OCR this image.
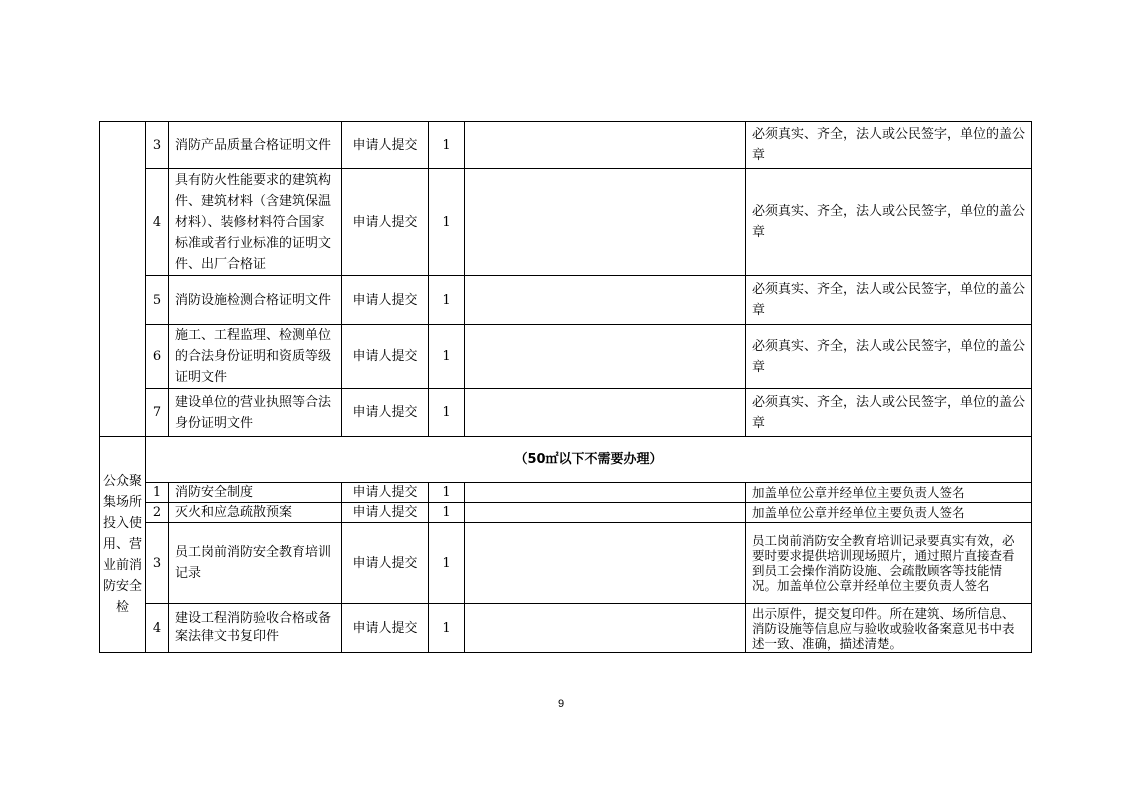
	3	消防产品质量合格证明文件	申请人提交	1		必须真实、齐全，法人或公民签字，单位的盖公章
	4	具有防火性能要求的建筑构件、建筑材料（含建筑保温材料）、装修材料符合国家标准或者行业标准的证明文件、出厂合格证	申请人提交	1		必须真实、齐全，法人或公民签字，单位的盖公章
	5	消防设施检测合格证明文件	申请人提交	1		必须真实、齐全，法人或公民签字，单位的盖公章
	6	施工、工程监理、检测单位的合法身份证明和资质等级证明文件	申请人提交	1		必须真实、齐全，法人或公民签字，单位的盖公章
	7	建设单位的营业执照等合法身份证明文件	申请人提交	1		必须真实、齐全，法人或公民签字，单位的盖公章
公众聚集场所投入使用、营业前消防安全检	（50㎡以下不需要办理）					
	1	消防安全制度	申请人提交	1		加盖单位公章并经单位主要负责人签名
	2	灭火和应急疏散预案	申请人提交	1		加盖单位公章并经单位主要负责人签名
	3	员工岗前消防安全教育培训记录	申请人提交	1		员工岗前消防安全教育培训记录要真实有效，必要时要求提供培训现场照片，通过照片直接查看到员工会操作消防设施、会疏散顾客等技能情况。加盖单位公章并经单位主要负责人签名
	4	建设工程消防验收合格或备案法律文书复印件	申请人提交	1		出示原件，提交复印件。所在建筑、场所信息、消防设施等信息应与验收或验收备案意见书中表述一致、准确，描述清楚。
9
